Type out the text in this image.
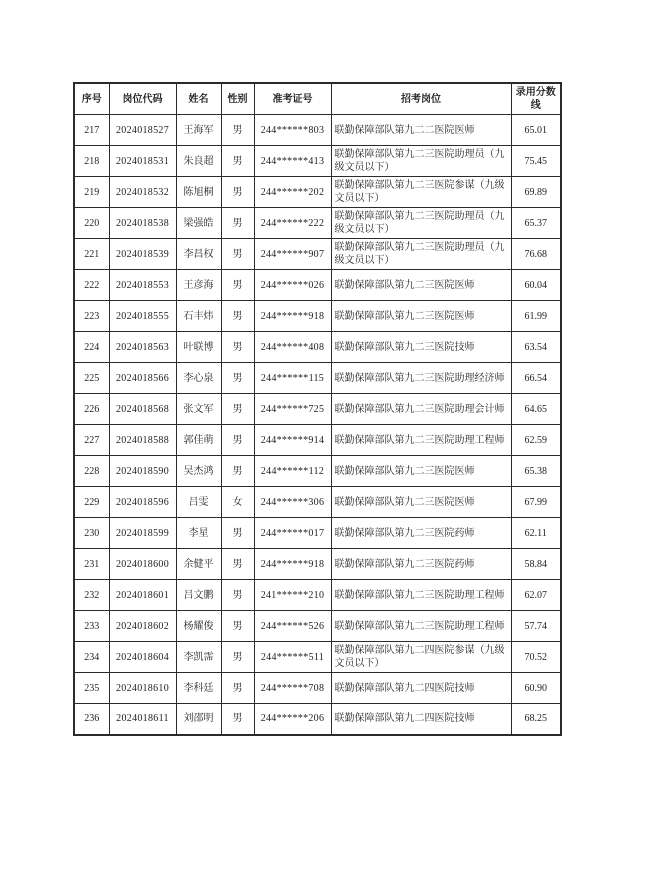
序号	岗位代码	姓名	性别	准考证号	招考岗位	录用分数线
217	2024018527	王海军	男	244******803	联勤保障部队第九二二医院医师	65.01
218	2024018531	朱良超	男	244******413	联勤保障部队第九二三医院助理员（九级文员以下）	75.45
219	2024018532	陈旭桐	男	244******202	联勤保障部队第九二三医院参谋（九级文员以下）	69.89
220	2024018538	梁强皓	男	244******222	联勤保障部队第九二三医院助理员（九级文员以下）	65.37
221	2024018539	李昌权	男	244******907	联勤保障部队第九二三医院助理员（九级文员以下）	76.68
222	2024018553	王彦海	男	244******026	联勤保障部队第九二三医院医师	60.04
223	2024018555	石丰炜	男	244******918	联勤保障部队第九二三医院医师	61.99
224	2024018563	叶联博	男	244******408	联勤保障部队第九二三医院技师	63.54
225	2024018566	李心泉	男	244******115	联勤保障部队第九二三医院助理经济师	66.54
226	2024018568	张文军	男	244******725	联勤保障部队第九二三医院助理会计师	64.65
227	2024018588	郭佳萌	男	244******914	联勤保障部队第九二三医院助理工程师	62.59
228	2024018590	吴杰鸿	男	244******112	联勤保障部队第九二三医院医师	65.38
229	2024018596	吕雯	女	244******306	联勤保障部队第九二三医院医师	67.99
230	2024018599	李星	男	244******017	联勤保障部队第九二三医院药师	62.11
231	2024018600	余健平	男	244******918	联勤保障部队第九二三医院药师	58.84
232	2024018601	吕文鹏	男	241******210	联勤保障部队第九二三医院助理工程师	62.07
233	2024018602	杨耀俊	男	244******526	联勤保障部队第九二三医院助理工程师	57.74
234	2024018604	李凯霈	男	244******511	联勤保障部队第九二四医院参谋（九级文员以下）	70.52
235	2024018610	李科廷	男	244******708	联勤保障部队第九二四医院技师	60.90
236	2024018611	刘邵明	男	244******206	联勤保障部队第九二四医院技师	68.25
